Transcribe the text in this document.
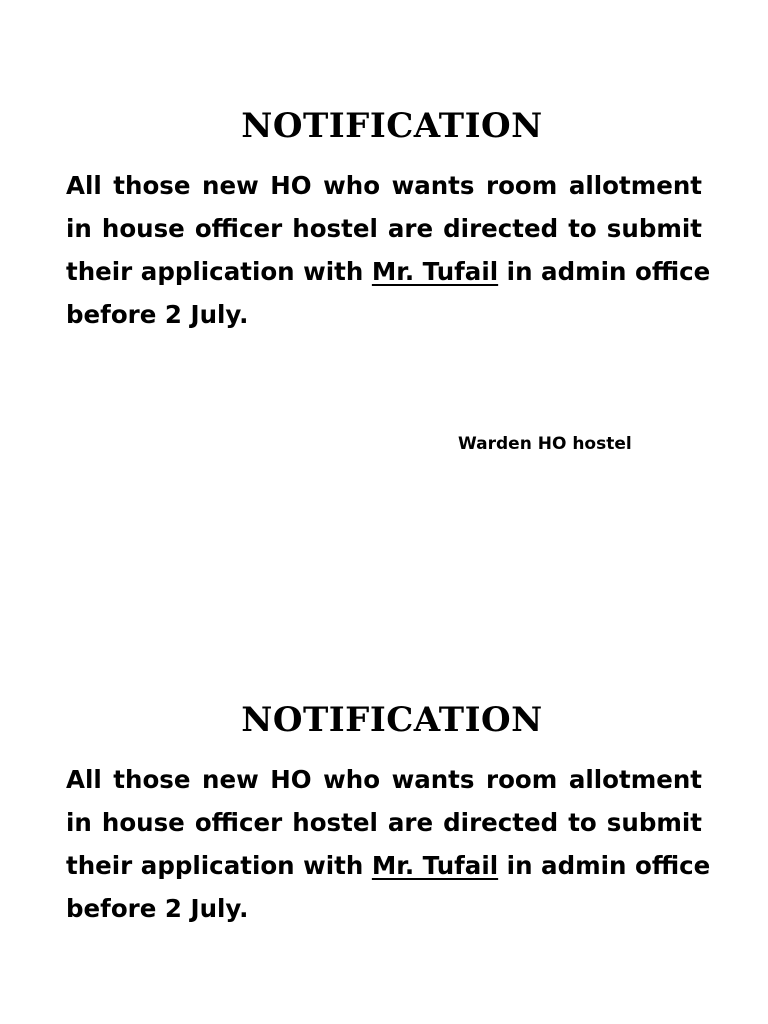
NOTIFICATION
All those new HO who wants room allotment
in house officer hostel are directed to submit
their application with Mr. Tufail in admin office
before 2 July.
Warden HO hostel
NOTIFICATION
All those new HO who wants room allotment
in house officer hostel are directed to submit
their application with Mr. Tufail in admin office
before 2 July.
